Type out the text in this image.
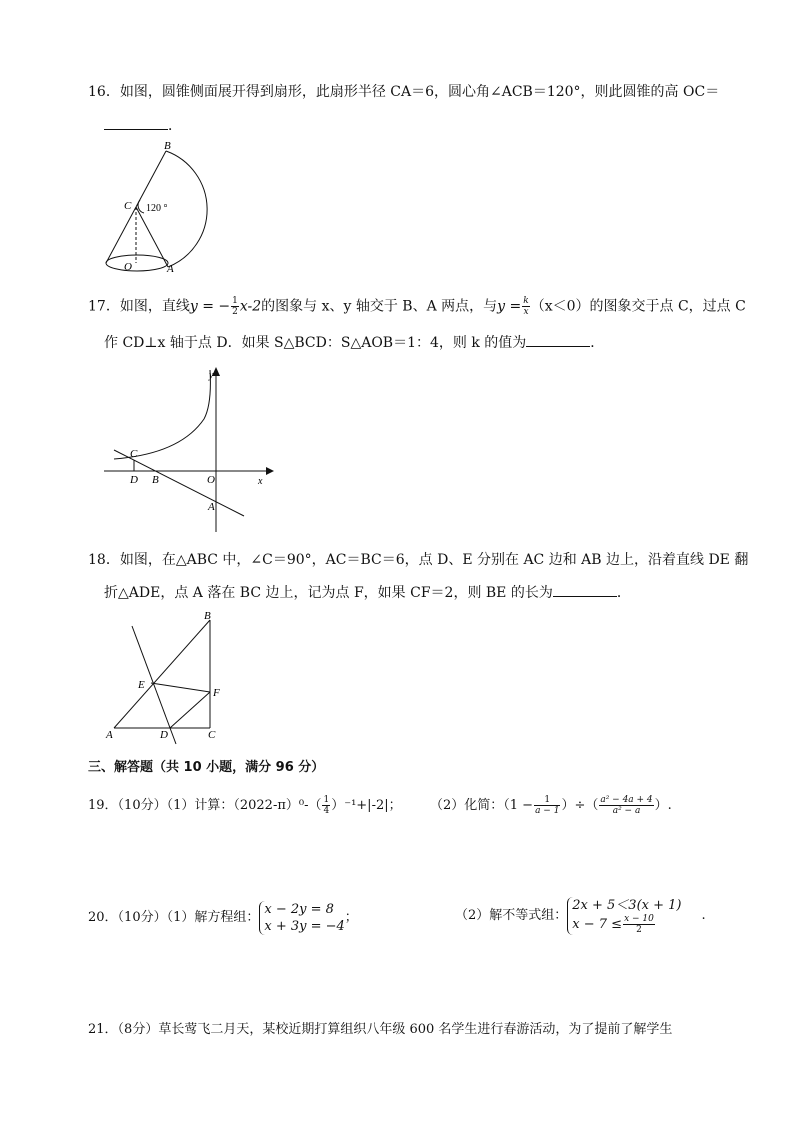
16．如图，圆锥侧面展开得到扇形，此扇形半径 CA＝6，圆心角∠ACB＝120°，则此圆锥的高 OC＝
．
B
C 120 °
O	A
17．如图，直线y = − $\frac{1}{2} x-2$的图象与 x、y 轴交于 B、A 两点，与$y = \frac{k}{x} (x<0)$的图象交于点 C，过点 C
作 CD⊥x 轴于点 D．如果 S△BCD：S△AOB＝1：4，则 k 的值为	．
y
x
C
D B	O
A
18．如图，在△ABC 中，∠C＝90°，AC＝BC＝6，点 D、E 分别在 AC 边和 AB 边上，沿着直线 DE 翻
折△ADE，点 A 落在 BC 边上，记为点 F，如果 CF＝2，则 BE 的长为	．
B
E
F
A	D	C
三、解答题（共 10 小题，满分 96 分）
19．（10分）（1）计算：$(2022-\pi)^0-( \frac{1}{4} )^{-1}+|-2|$； （2）化简：（$1 - \frac{1}{a - 1}$ ）÷（ $\frac{\text{a² − 4a + 4}}{\text{a² − a}}$ ）.
20．（10分）（1）解方程组：
x − 2y = 8
x + 3y = −4
；	（2）解不等式组：
2x + 5＜3(x + 1)
$x - 7 \le \frac{x - 10}{2}$	.
21．（8分）草长莺飞二月天，某校近期打算组织八年级 600 名学生进行春游活动，为了提前了解学生
